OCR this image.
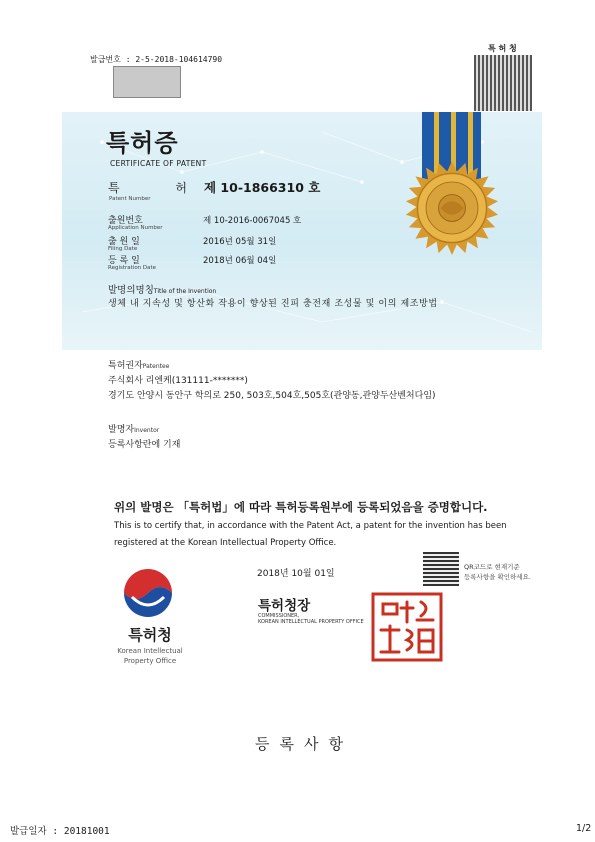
발급번호 : 2-5-2018-104614790
특 허 청
특허증
CERTIFICATE OF PATENT
특 허
Patent Number
제 10-1866310 호
출원번호
Application Number
제 10-2016-0067045 호
출 원 일
Filing Date
2016년 05월 31일
등 록 일
Registration Date
2018년 06월 04일
발명의명칭Title of the Invention
생체 내 지속성 및 항산화 작용이 향상된 진피 충전재 조성물 및 이의 제조방법
특허권자Patentee
주식회사 리엔케(131111-*******)
경기도 안양시 동안구 학의로 250, 503호,504호,505호(관양동,관양두산벤처다임)
발명자Inventor
등록사항란에 기재
위의 발명은 「특허법」에 따라 특허등록원부에 등록되었음을 증명합니다.
This is to certify that, in accordance with the Patent Act, a patent for the invention has been registered at the Korean Intellectual Property Office.
특허청
Korean Intellectual
Property Office
2018년 10월 01일
특허청장
COMMISSIONER,
KOREAN INTELLECTUAL PROPERTY OFFICE
QR코드로 현재기준
등록사항을 확인하세요.
등록사항
발급일자 : 20181001	1/2
